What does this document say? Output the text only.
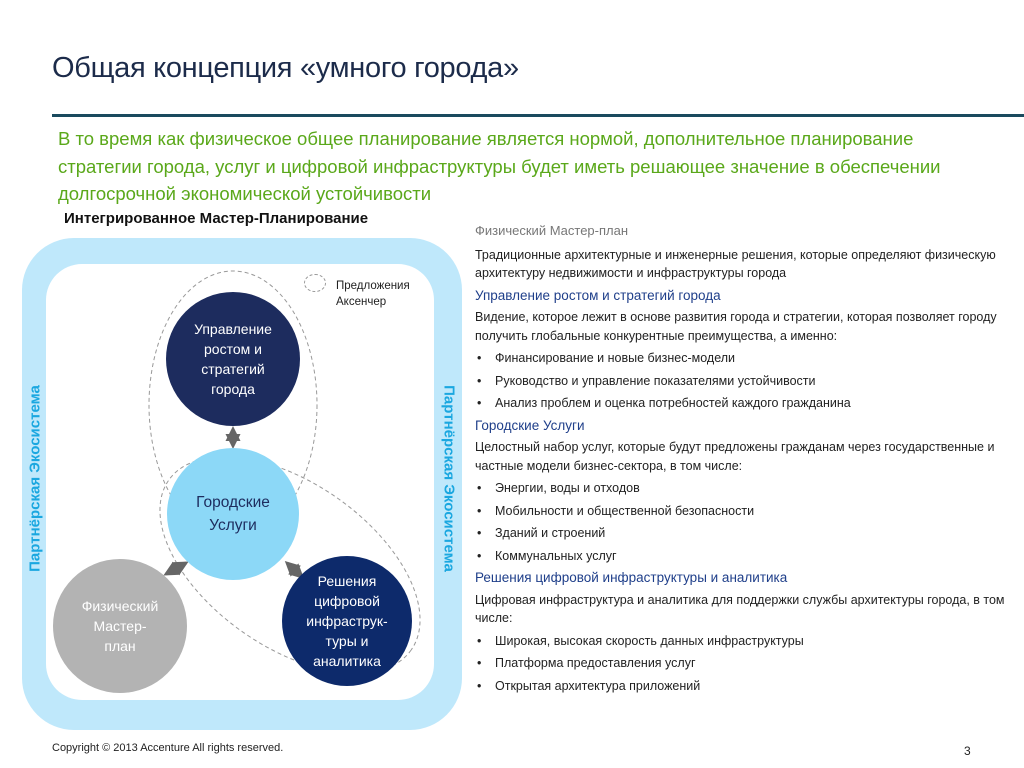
Общая концепция «умного города»
В то время как физическое общее планирование является нормой, дополнительное планирование стратегии города, услуг и цифровой инфраструктуры будет иметь решающее значение в обеспечении долгосрочной экономической устойчивости
Интегрированное Мастер-Планирование
Партнёрская Экосистема	Партнёрская Экосистема
Управление
ростом и
стратегий
города
Городские
Услуги
Физический
Мастер-
план
Решения
цифровой
инфраструк-
туры и
аналитика
Предложения
Аксенчер
Физический Мастер-план
Традиционные архитектурные и инженерные решения, которые определяют физическую архитектуру недвижимости и инфраструктуры города
Управление ростом и стратегий города
Видение, которое лежит в основе развития города и стратегии, которая позволяет городу получить глобальные конкурентные преимущества, а именно:
• Финансирование и новые бизнес-модели
• Руководство и управление показателями устойчивости
• Анализ проблем и оценка потребностей каждого гражданина
Городские Услуги
Целостный набор услуг, которые будут предложены гражданам через государственные и частные модели бизнес-сектора, в том числе:
• Энергии, воды и отходов
• Мобильности и общественной безопасности
• Зданий и строений
• Коммунальных услуг
Решения цифровой инфраструктуры и аналитика
Цифровая инфраструктура и аналитика для поддержки службы архитектуры города, в том числе:
• Широкая, высокая скорость данных инфраструктуры
• Платформа предоставления услуг
• Открытая архитектура приложений
Copyright © 2013 Accenture All rights reserved.	3
